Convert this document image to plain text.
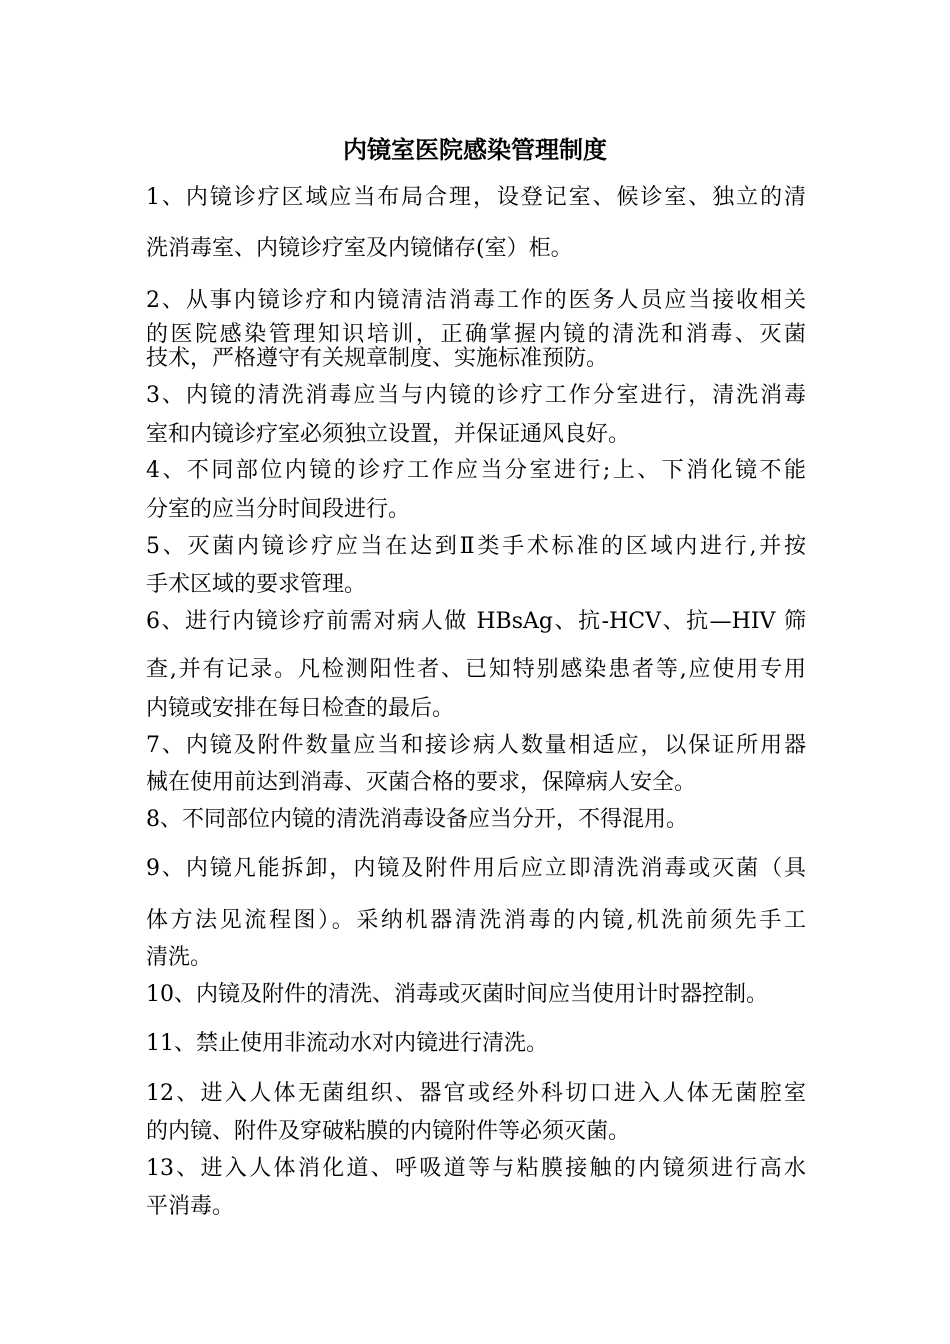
内镜室医院感染管理制度
1、内镜诊疗区域应当布局合理，设登记室、候诊室、独立的清
洗消毒室、内镜诊疗室及内镜储存(室）柜。
2、从事内镜诊疗和内镜清洁消毒工作的医务人员应当接收相关
的医院感染管理知识培训，正确掌握内镜的清洗和消毒、灭菌
技术，严格遵守有关规章制度、实施标准预防。
3、内镜的清洗消毒应当与内镜的诊疗工作分室进行，清洗消毒
室和内镜诊疗室必须独立设置，并保证通风良好。
4、不同部位内镜的诊疗工作应当分室进行;上、下消化镜不能
分室的应当分时间段进行。
5、灭菌内镜诊疗应当在达到Ⅱ类手术标准的区域内进行,并按
手术区域的要求管理。
6、进行内镜诊疗前需对病人做 HBsAg、抗-HCV、抗—HIV 筛
查,并有记录。凡检测阳性者、已知特别感染患者等,应使用专用
内镜或安排在每日检查的最后。
7、内镜及附件数量应当和接诊病人数量相适应，以保证所用器
械在使用前达到消毒、灭菌合格的要求，保障病人安全。
8、不同部位内镜的清洗消毒设备应当分开，不得混用。
9、内镜凡能拆卸，内镜及附件用后应立即清洗消毒或灭菌（具
体方法见流程图）。采纳机器清洗消毒的内镜,机洗前须先手工
清洗。
10、内镜及附件的清洗、消毒或灭菌时间应当使用计时器控制。
11、禁止使用非流动水对内镜进行清洗。
12、进入人体无菌组织、器官或经外科切口进入人体无菌腔室
的内镜、附件及穿破粘膜的内镜附件等必须灭菌。
13、进入人体消化道、呼吸道等与粘膜接触的内镜须进行高水
平消毒。
